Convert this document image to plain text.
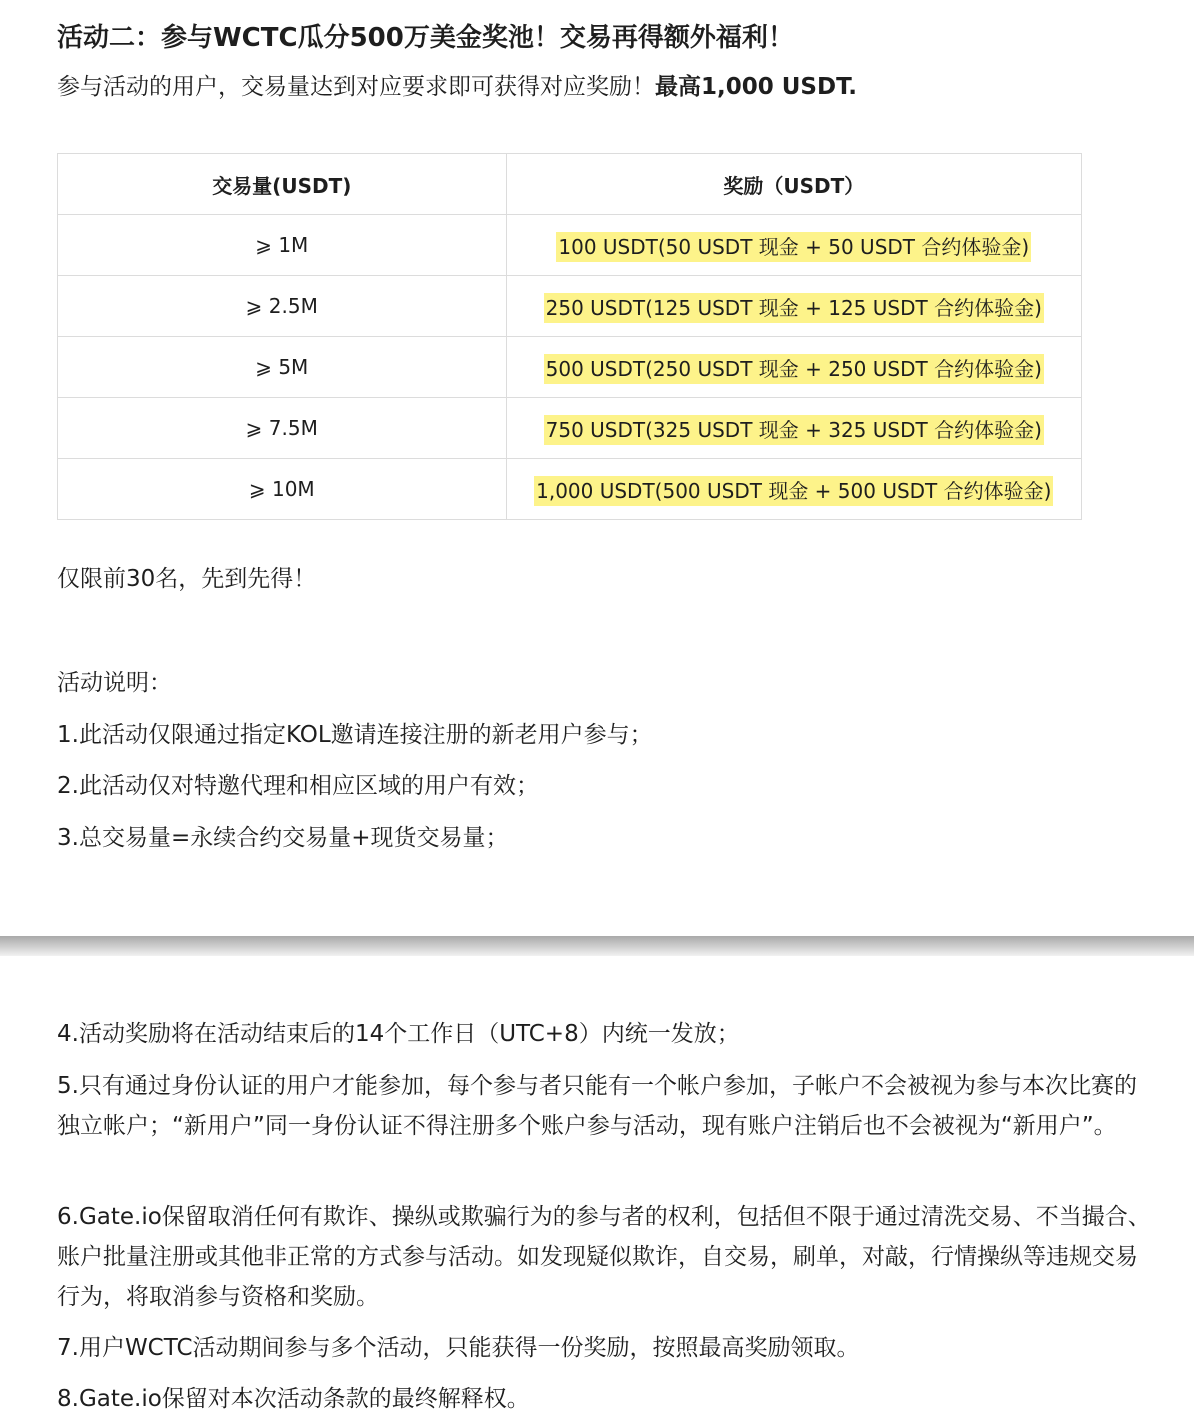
活动二：参与WCTC瓜分500万美金奖池！交易再得额外福利！
参与活动的用户，交易量达到对应要求即可获得对应奖励！最高1,000 USDT.
交易量(USDT)	奖励（USDT）
⩾ 1M	100 USDT(50 USDT 现金 + 50 USDT 合约体验金)
⩾ 2.5M	250 USDT(125 USDT 现金 + 125 USDT 合约体验金)
⩾ 5M	500 USDT(250 USDT 现金 + 250 USDT 合约体验金)
⩾ 7.5M	750 USDT(325 USDT 现金 + 325 USDT 合约体验金)
⩾ 10M	1,000 USDT(500 USDT 现金 + 500 USDT 合约体验金)
仅限前30名，先到先得！
活动说明：
1.此活动仅限通过指定KOL邀请连接注册的新老用户参与；
2.此活动仅对特邀代理和相应区域的用户有效；
3.总交易量=永续合约交易量+现货交易量；
4.活动奖励将在活动结束后的14个工作日（UTC+8）内统一发放；
5.只有通过身份认证的用户才能参加，每个参与者只能有一个帐户参加，子帐户不会被视为参与本次比赛的独立帐户；“新用户”同一身份认证不得注册多个账户参与活动，现有账户注销后也不会被视为“新用户”。
6.Gate.io保留取消任何有欺诈、操纵或欺骗行为的参与者的权利，包括但不限于通过清洗交易、不当撮合、账户批量注册或其他非正常的方式参与活动。如发现疑似欺诈，自交易，刷单，对敲，行情操纵等违规交易行为，将取消参与资格和奖励。
7.用户WCTC活动期间参与多个活动，只能获得一份奖励，按照最高奖励领取。
8.Gate.io保留对本次活动条款的最终解释权。
